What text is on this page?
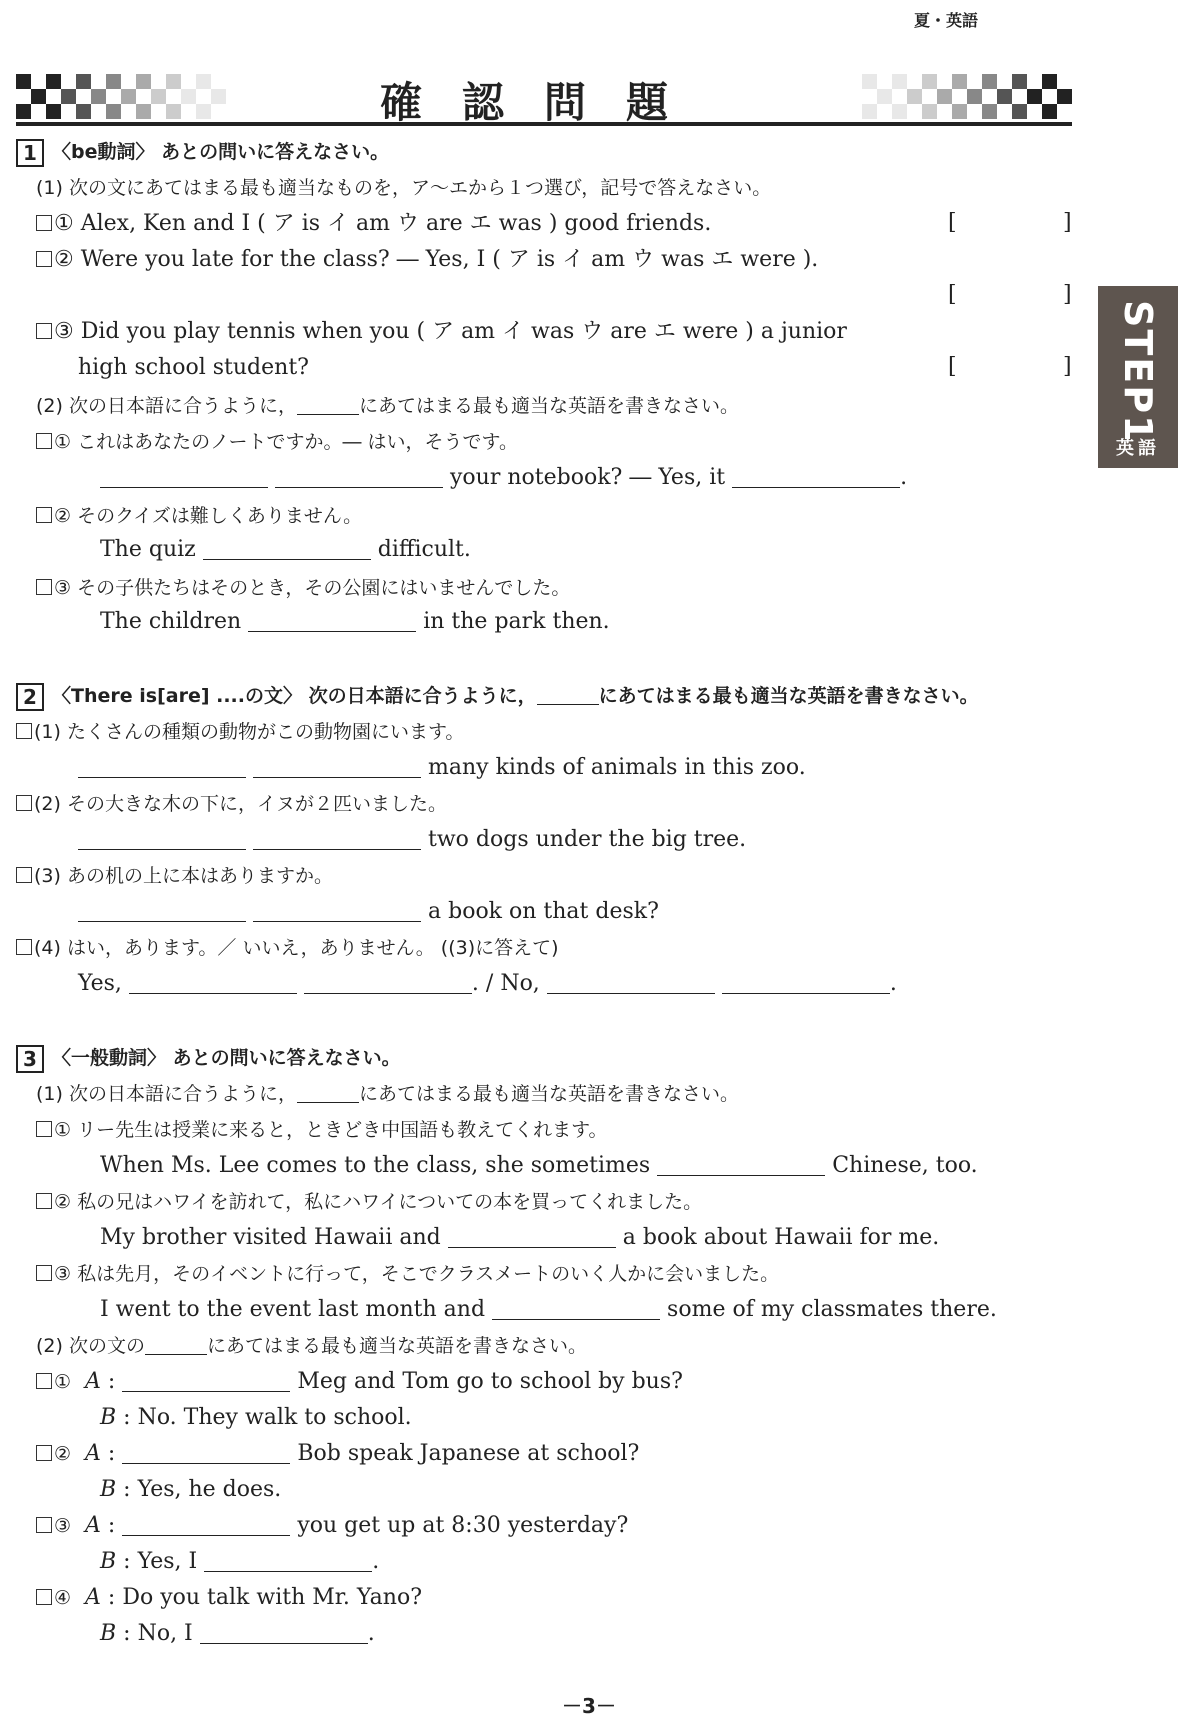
夏・英語
確認問題
STEP1
英語
1 〈be動詞〉 あとの問いに答えなさい。
(1) 次の文にあてはまる最も適当なものを，ア～エから１つ選び，記号で答えなさい。
① Alex, Ken and I ( ア is イ am ウ are エ was ) good friends.	[	]
② Were you late for the class? ― Yes, I ( ア is イ am ウ was エ were ).
[	]
③ Did you play tennis when you ( ア am イ was ウ are エ were ) a junior
high school student?	[	]
(2) 次の日本語に合うように，	にあてはまる最も適当な英語を書きなさい。
① これはあなたのノートですか。― はい，そうです。
your notebook? ― Yes, it	.
② そのクイズは難しくありません。
The quiz	difficult.
③ その子供たちはそのとき，その公園にはいませんでした。
The children	in the park then.
2 〈There is[are] ....の文〉 次の日本語に合うように，	にあてはまる最も適当な英語を書きなさい。
(1) たくさんの種類の動物がこの動物園にいます。
many kinds of animals in this zoo.
(2) その大きな木の下に，イヌが２匹いました。
two dogs under the big tree.
(3) あの机の上に本はありますか。
a book on that desk?
(4) はい，あります。／ いいえ，ありません。 ((3)に答えて)
Yes,	. / No,	.
3 〈一般動詞〉 あとの問いに答えなさい。
(1) 次の日本語に合うように，	にあてはまる最も適当な英語を書きなさい。
① リー先生は授業に来ると，ときどき中国語も教えてくれます。
When Ms. Lee comes to the class, she sometimes	Chinese, too.
② 私の兄はハワイを訪れて，私にハワイについての本を買ってくれました。
My brother visited Hawaii and	a book about Hawaii for me.
③ 私は先月，そのイベントに行って，そこでクラスメートのいく人かに会いました。
I went to the event last month and	some of my classmates there.
(2) 次の文の	にあてはまる最も適当な英語を書きなさい。
① A :	Meg and Tom go to school by bus?
B : No. They walk to school.
② A :	Bob speak Japanese at school?
B : Yes, he does.
③ A :	you get up at 8:30 yesterday?
B : Yes, I	.
④ A : Do you talk with Mr. Yano?
B : No, I	.
－3－
